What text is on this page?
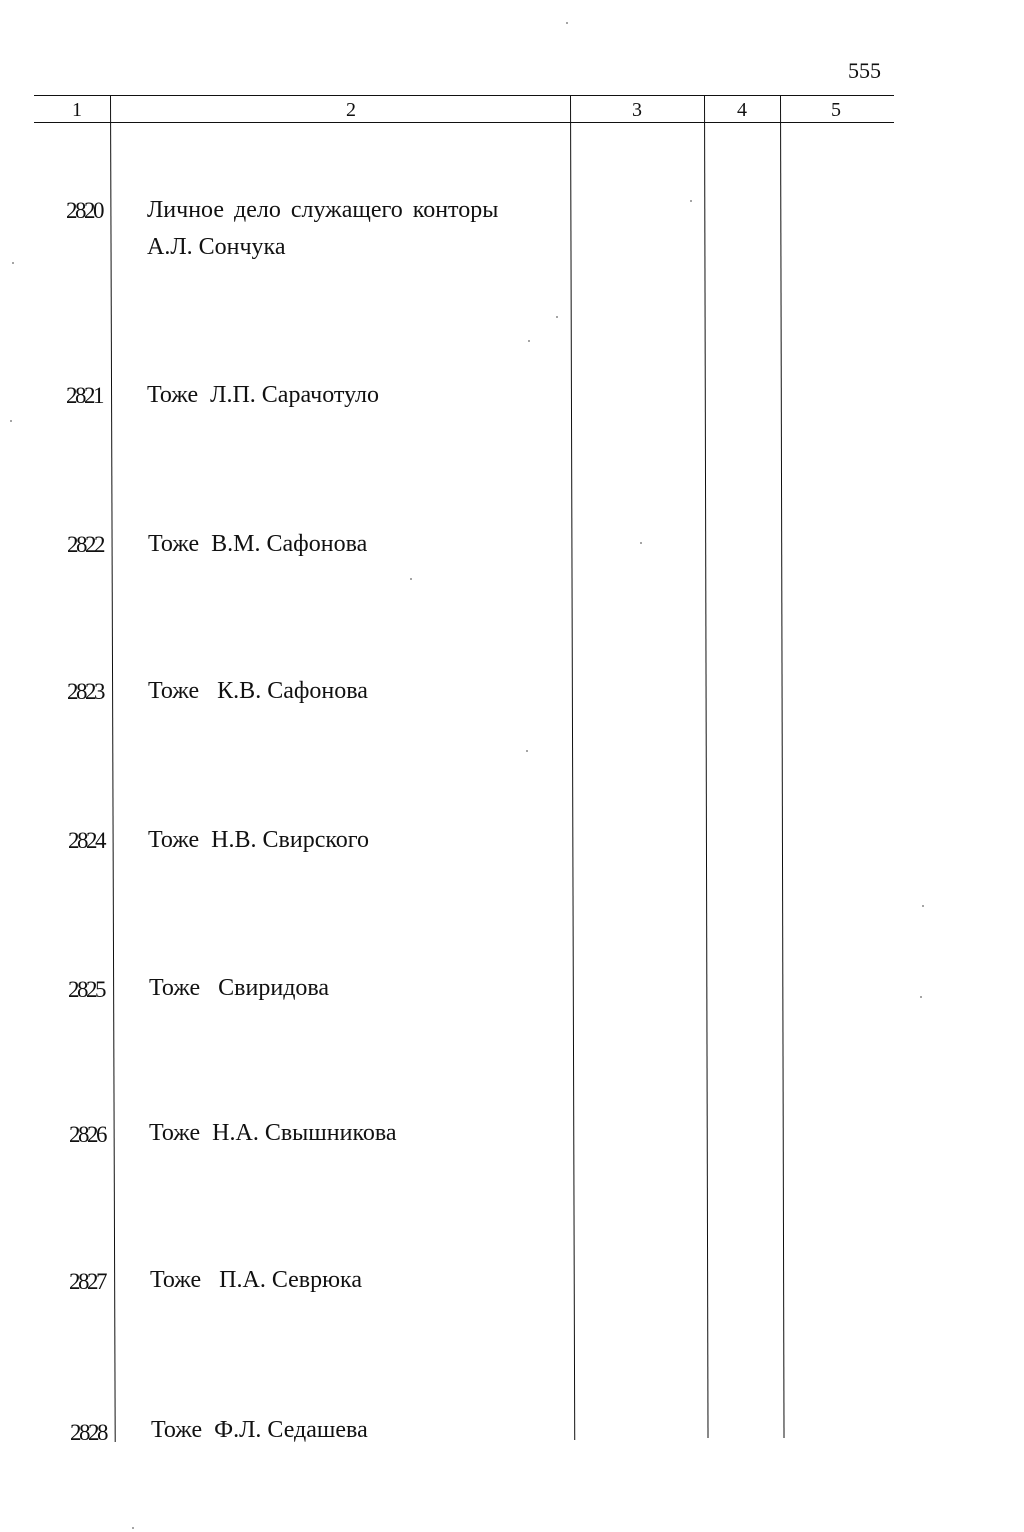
555
1	2	3	4	5
2820 Личное дело служащего конторы
А.Л. Сончука
2821 Тоже  Л.П. Сарачотуло
2822 Тоже  В.М. Сафонова
2823 Тоже   К.В. Сафонова
2824 Тоже  Н.В. Свирского
2825 Тоже   Свиридова
2826 Тоже  Н.А. Свышникова
2827 Тоже   П.А. Севрюка
2828 Тоже  Ф.Л. Седашева
